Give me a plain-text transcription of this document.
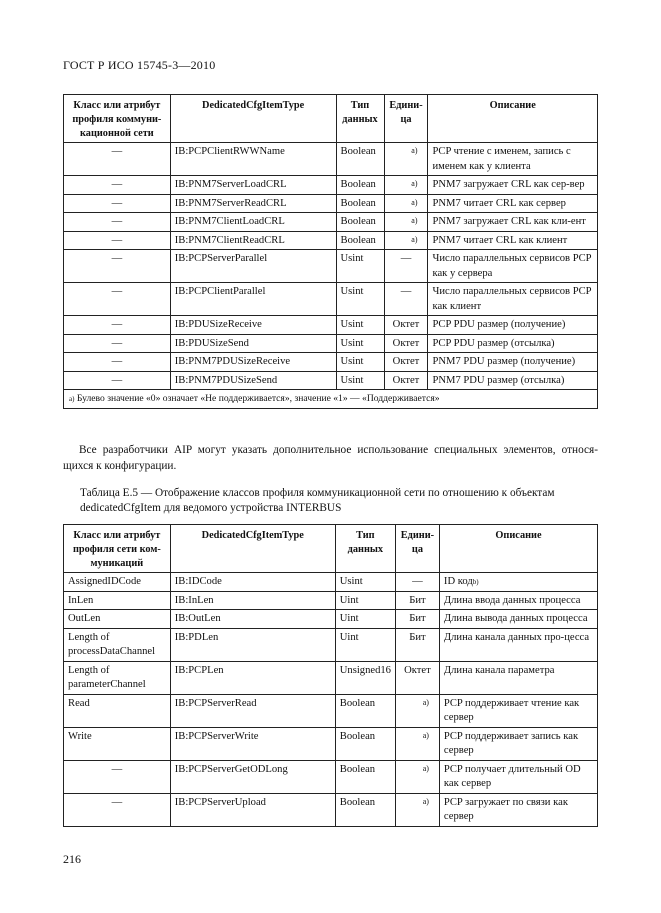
ГОСТ Р ИСО 15745-3—2010
Класс или атрибут профиля коммуни-кационной сети	DedicatedCfgItemType	Тип данных	Едини-ца	Описание
—	IB:PCPClientRWWName	Boolean	a)	PCP чтение с именем, запись с именем как у клиента
—	IB:PNM7ServerLoadCRL	Boolean	a)	PNM7 загружает CRL как сер-вер
—	IB:PNM7ServerReadCRL	Boolean	a)	PNM7 читает CRL как сервер
—	IB:PNM7ClientLoadCRL	Boolean	a)	PNM7 загружает CRL как кли-ент
—	IB:PNM7ClientReadCRL	Boolean	a)	PNM7 читает CRL как клиент
—	IB:PCPServerParallel	Usint	—	Число параллельных сервисов PCP как у сервера
—	IB:PCPClientParallel	Usint	—	Число параллельных сервисов PCP как клиент
—	IB:PDUSizeReceive	Usint	Октет	PCP PDU размер (получение)
—	IB:PDUSizeSend	Usint	Октет	PCP PDU размер (отсылка)
—	IB:PNM7PDUSizeReceive	Usint	Октет	PNM7 PDU размер (получение)
—	IB:PNM7PDUSizeSend	Usint	Октет	PNM7 PDU размер (отсылка)
$^{a)}$ Булево значение «0» означает «Не поддерживается», значение «1» — «Поддерживается»				
Все разработчики AIP могут указать дополнительное использование специальных элементов, относя-щихся к конфигурации.
Таблица Е.5 — Отображение классов профиля коммуникационной сети по отношению к объектам
dedicatedCfgItem для ведомого устройства INTERBUS
Класс или атрибут профиля сети ком-муникаций	DedicatedCfgItemType	Тип данных	Едини-ца	Описание
AssignedIDCode	IB:IDCode	Usint	—	ID код$^{b)}$
InLen	IB:InLen	Uint	Бит	Длина ввода данных процесса
OutLen	IB:OutLen	Uint	Бит	Длина вывода данных процесса
Length of processDataChannel	IB:PDLen	Uint	Бит	Длина канала данных про-цесса
Length of parameterChannel	IB:PCPLen	Unsigned16	Октет	Длина канала параметра
Read	IB:PCPServerRead	Boolean	a)	PCP поддерживает чтение как сервер
Write	IB:PCPServerWrite	Boolean	a)	PCP поддерживает запись как сервер
—	IB:PCPServerGetODLong	Boolean	a)	PCP получает длительный OD как сервер
—	IB:PCPServerUpload	Boolean	a)	PCP загружает по связи как сервер
216
